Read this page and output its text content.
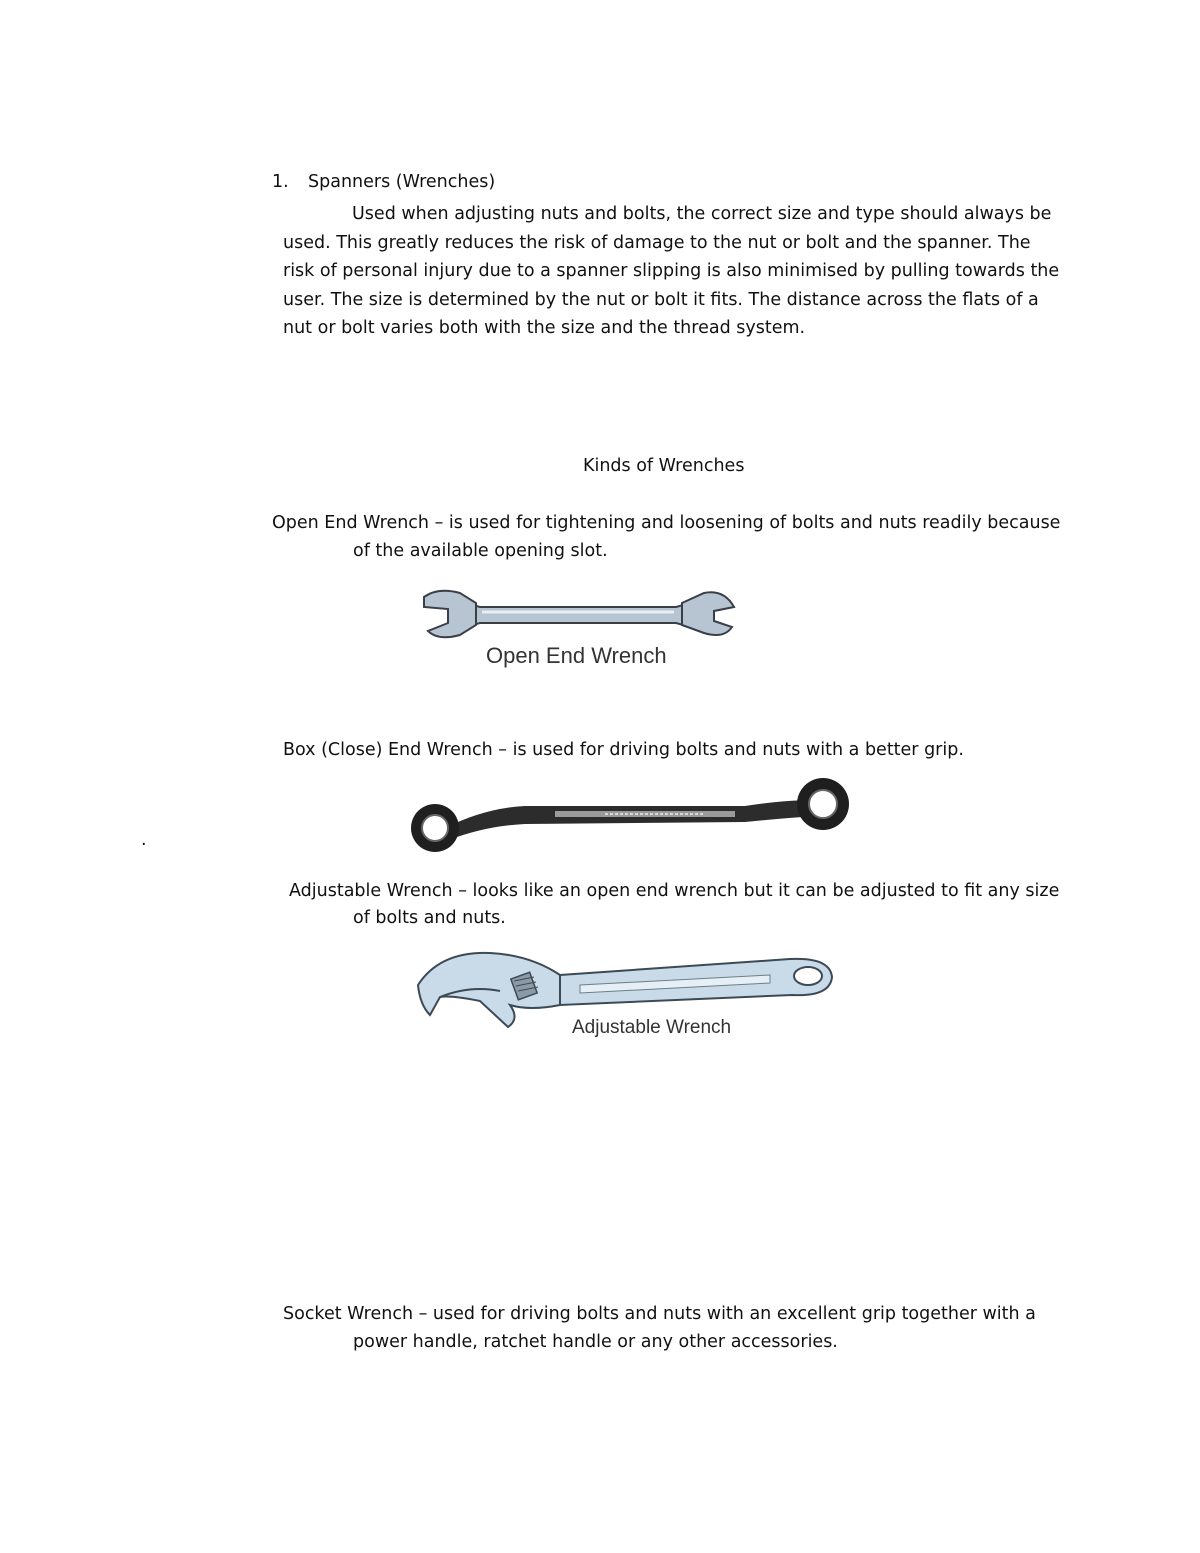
1. Spanners (Wrenches)
Used when adjusting nuts and bolts, the correct size and type should always be
used. This greatly reduces the risk of damage to the nut or bolt and the spanner. The
risk of personal injury due to a spanner slipping is also minimised by pulling towards the
user. The size is determined by the nut or bolt it fits. The distance across the flats of a
nut or bolt varies both with the size and the thread system.
Kinds of Wrenches
Open End Wrench – is used for tightening and loosening of bolts and nuts readily because
of the available opening slot.
Open End Wrench
Box (Close) End Wrench – is used for driving bolts and nuts with a better grip.
.
Adjustable Wrench – looks like an open end wrench but it can be adjusted to fit any size
of bolts and nuts.
Adjustable Wrench
Socket Wrench – used for driving bolts and nuts with an excellent grip together with a
power handle, ratchet handle or any other accessories.
